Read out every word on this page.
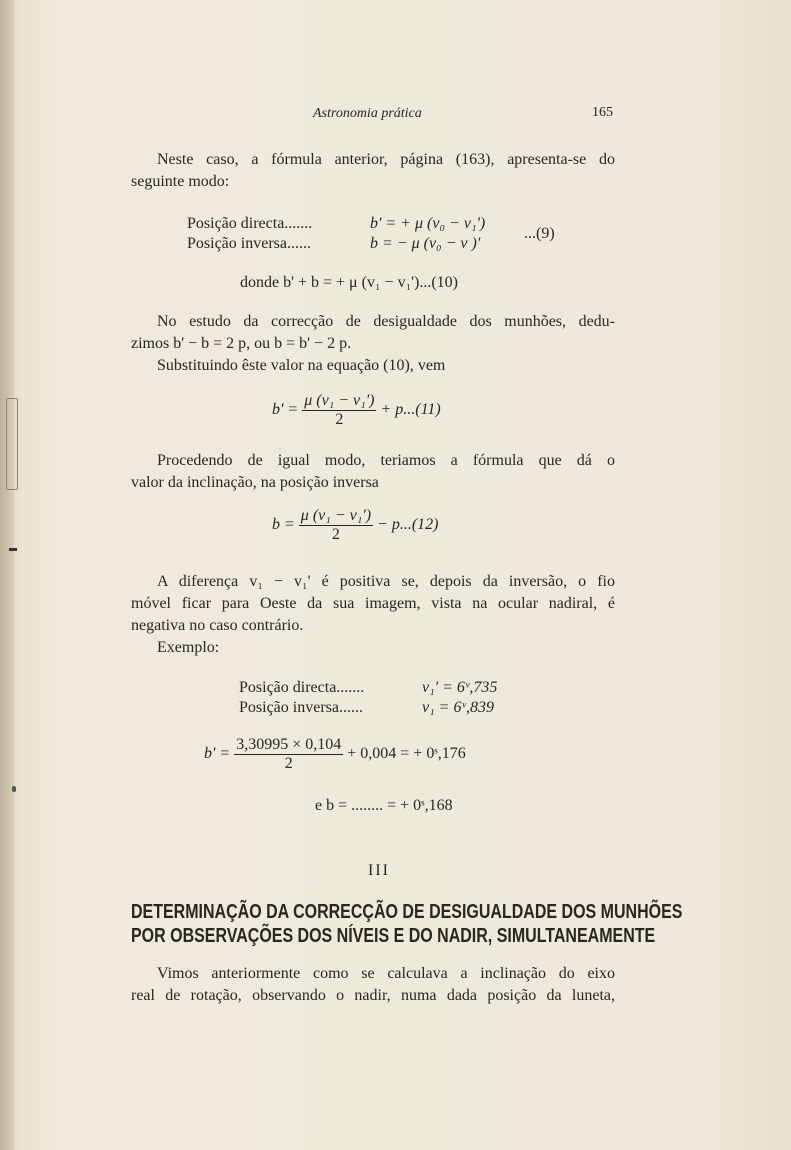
Astronomia prática	165
Neste caso, a fórmula anterior, página (163), apresenta-se do
seguinte modo:
Posição directa.......	b' = + μ (v₀ − v₁')
Posição inversa......	b = − μ (v₀ − v )'
...(9)
donde b' + b = + μ (v₁ − v₁')...(10)
No estudo da correcção de desigualdade dos munhões, dedu-
zimos b' − b = 2 p, ou b = b' − 2 p.
Substituindo êste valor na equação (10), vem
$b' = \frac{\text{μ (v₁ − v₁')}}{2} + p...(11)$
Procedendo de igual modo, teriamos a fórmula que dá o
valor da inclinação, na posição inversa
$b = \frac{\text{μ (v₁ − v₁')}}{2} - p...(12)$
A diferença v₁ − v₁' é positiva se, depois da inversão, o fio
móvel ficar para Oeste da sua imagem, vista na ocular nadiral, é
negativa no caso contrário.
Exemplo:
Posição directa.......	v₁' = 6ᵛ,735
Posição inversa......	v₁ = 6ᵛ,839
$b' = \frac{3,30995 \times 0,104}{2} + 0,004$ = + 0ˢ,176
e b = ........ = + 0ˢ,168
III
DETERMINAÇÃO DA CORRECÇÃO DE DESIGUALDADE DOS MUNHÕES
POR OBSERVAÇÕES DOS NÍVEIS E DO NADIR, SIMULTANEAMENTE
Vimos anteriormente como se calculava a inclinação do eixo
real de rotação, observando o nadir, numa dada posição da luneta,
